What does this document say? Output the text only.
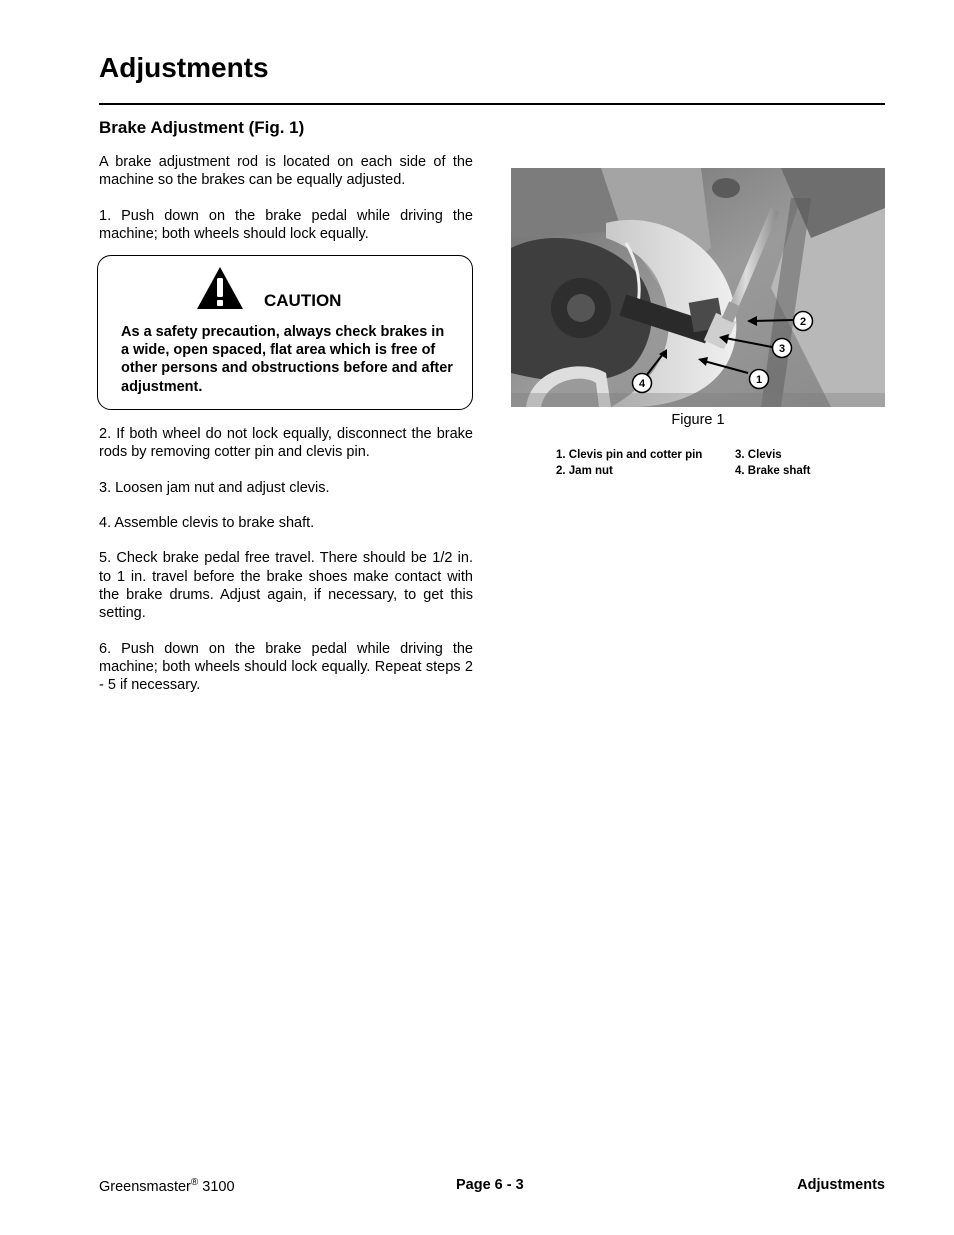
Adjustments
Brake Adjustment (Fig. 1)

A brake adjustment rod is located on each side of the machine so the brakes can be equally adjusted.

1. Push down on the brake pedal while driving the machine; both wheels should lock equally.

2. If both wheel do not lock equally, disconnect the brake rods by removing cotter pin and clevis pin.

3. Loosen jam nut and adjust clevis.

4. Assemble clevis to brake shaft.

5. Check brake pedal free travel. There should be 1/2 in. to 1 in. travel before the brake shoes make contact with the brake drums. Adjust again, if necessary, to get this setting.

6. Push down on the brake pedal while driving the machine; both wheels should lock equally. Repeat steps 2 - 5 if necessary.

CAUTION

As a safety precaution, always check brakes in a wide, open spaced, flat area which is free of other persons and obstructions before and after adjustment.

2
3
1
4
Figure 1
1. Clevis pin and cotter pin	3. Clevis
2. Jam nut	4. Brake shaft
Greensmaster® 3100	Page 6 - 3	Adjustments
